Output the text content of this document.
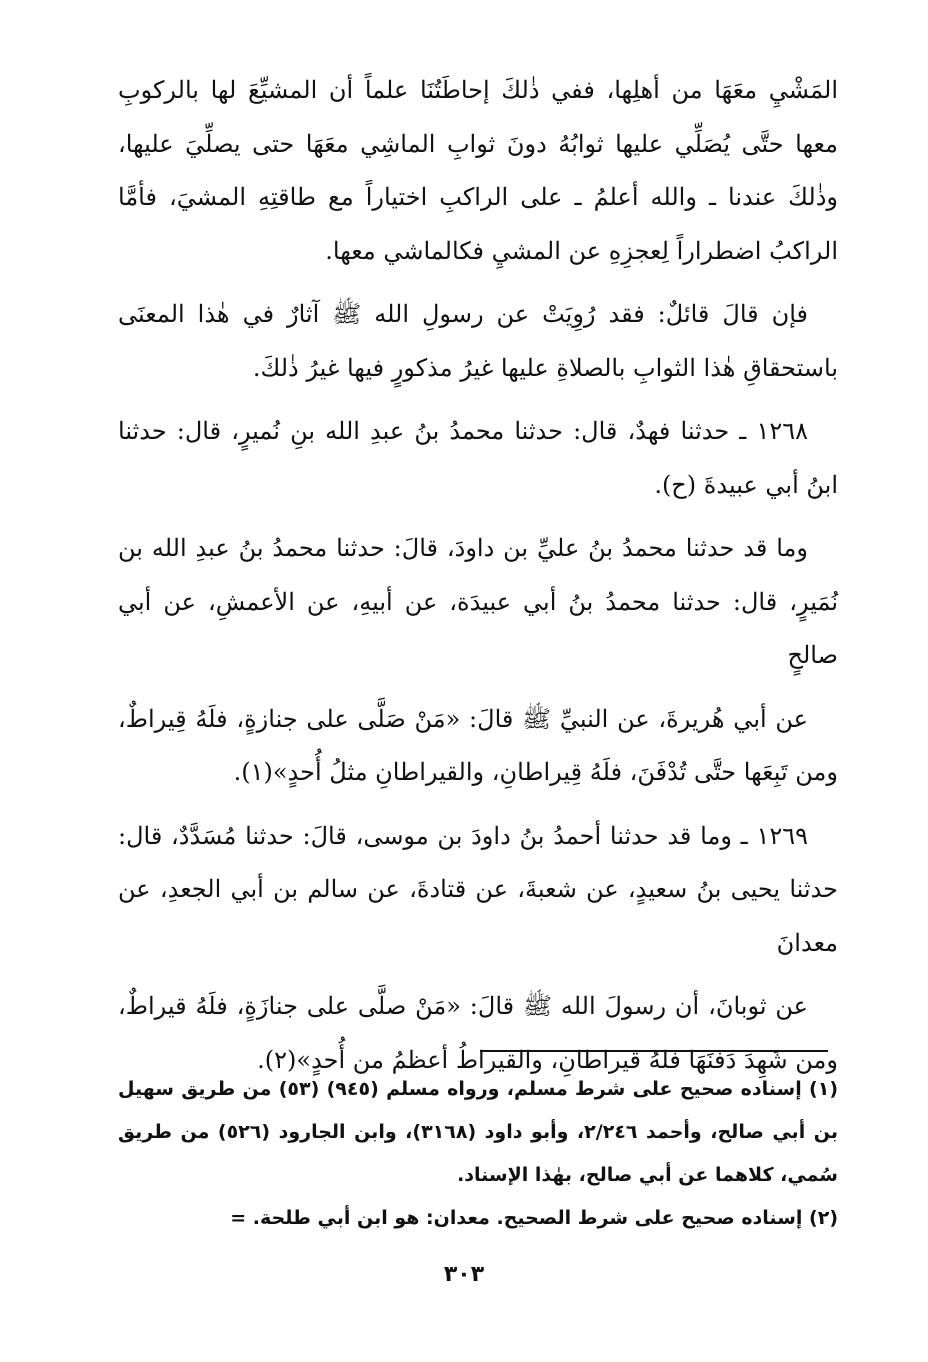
المَشْيِ معَهَا من أهلِها، ففي ذٰلكَ إحاطَتُنَا علماً أن المشيِّعَ لها بالركوبِ معها حتَّى يُصَلِّي عليها ثوابُهُ دونَ ثوابِ الماشِي معَهَا حتى يصلِّيَ عليها، وذٰلكَ عندنا ـ والله أعلمُ ـ على الراكبِ اختياراً مع طاقتِهِ المشيَ، فأمَّا الراكبُ اضطراراً لِعجزِهِ عن المشيِ فكالماشي معها.

فإن قالَ قائلٌ: فقد رُوِيَتْ عن رسولِ الله ﷺ آثارٌ في هٰذا المعنَى باستحقاقِ هٰذا الثوابِ بالصلاةِ عليها غيرُ مذكورٍ فيها غيرُ ذٰلكَ.

١٢٦٨ ـ حدثنا فهدٌ، قال: حدثنا محمدُ بنُ عبدِ الله بنِ نُميرٍ، قال: حدثنا ابنُ أبي عبيدةَ (ح).

وما قد حدثنا محمدُ بنُ عليِّ بن داودَ، قالَ: حدثنا محمدُ بنُ عبدِ الله بن نُمَيرٍ، قال: حدثنا محمدُ بنُ أبي عبيدَة، عن أبيهِ، عن الأعمشِ، عن أبي صالحٍ

عن أبي هُريرةَ، عن النبيِّ ﷺ قالَ: «مَنْ صَلَّى على جنازةٍ، فلَهُ قِيراطٌ، ومن تَبِعَها حتَّى تُدْفَنَ، فلَهُ قِيراطانِ، والقيراطانِ مثلُ أُحدٍ»(١).

١٢٦٩ ـ وما قد حدثنا أحمدُ بنُ داودَ بن موسى، قالَ: حدثنا مُسَدَّدٌ، قال: حدثنا يحيى بنُ سعيدٍ، عن شعبةَ، عن قتادةَ، عن سالم بن أبي الجعدِ، عن معدانَ

عن ثوبانَ، أن رسولَ الله ﷺ قالَ: «مَنْ صلَّى على جنازَةٍ، فلَهُ قيراطٌ، ومن شَهِدَ دَفنَهَا فلهُ قيراطانِ، والقيراطُ أعظمُ من أُحدٍ»(٢).

(١) إسناده صحيح على شرط مسلم، ورواه مسلم (٩٤٥) (٥٣) من طريق سهيل بن أبي صالح، وأحمد ٢/٢٤٦، وأبو داود (٣١٦٨)، وابن الجارود (٥٢٦) من طريق سُمي، كلاهما عن أبي صالح، بهٰذا الإسناد.

(٢) إسناده صحيح على شرط الصحيح. معدان: هو ابن أبي طلحة. =

٣٠٣
